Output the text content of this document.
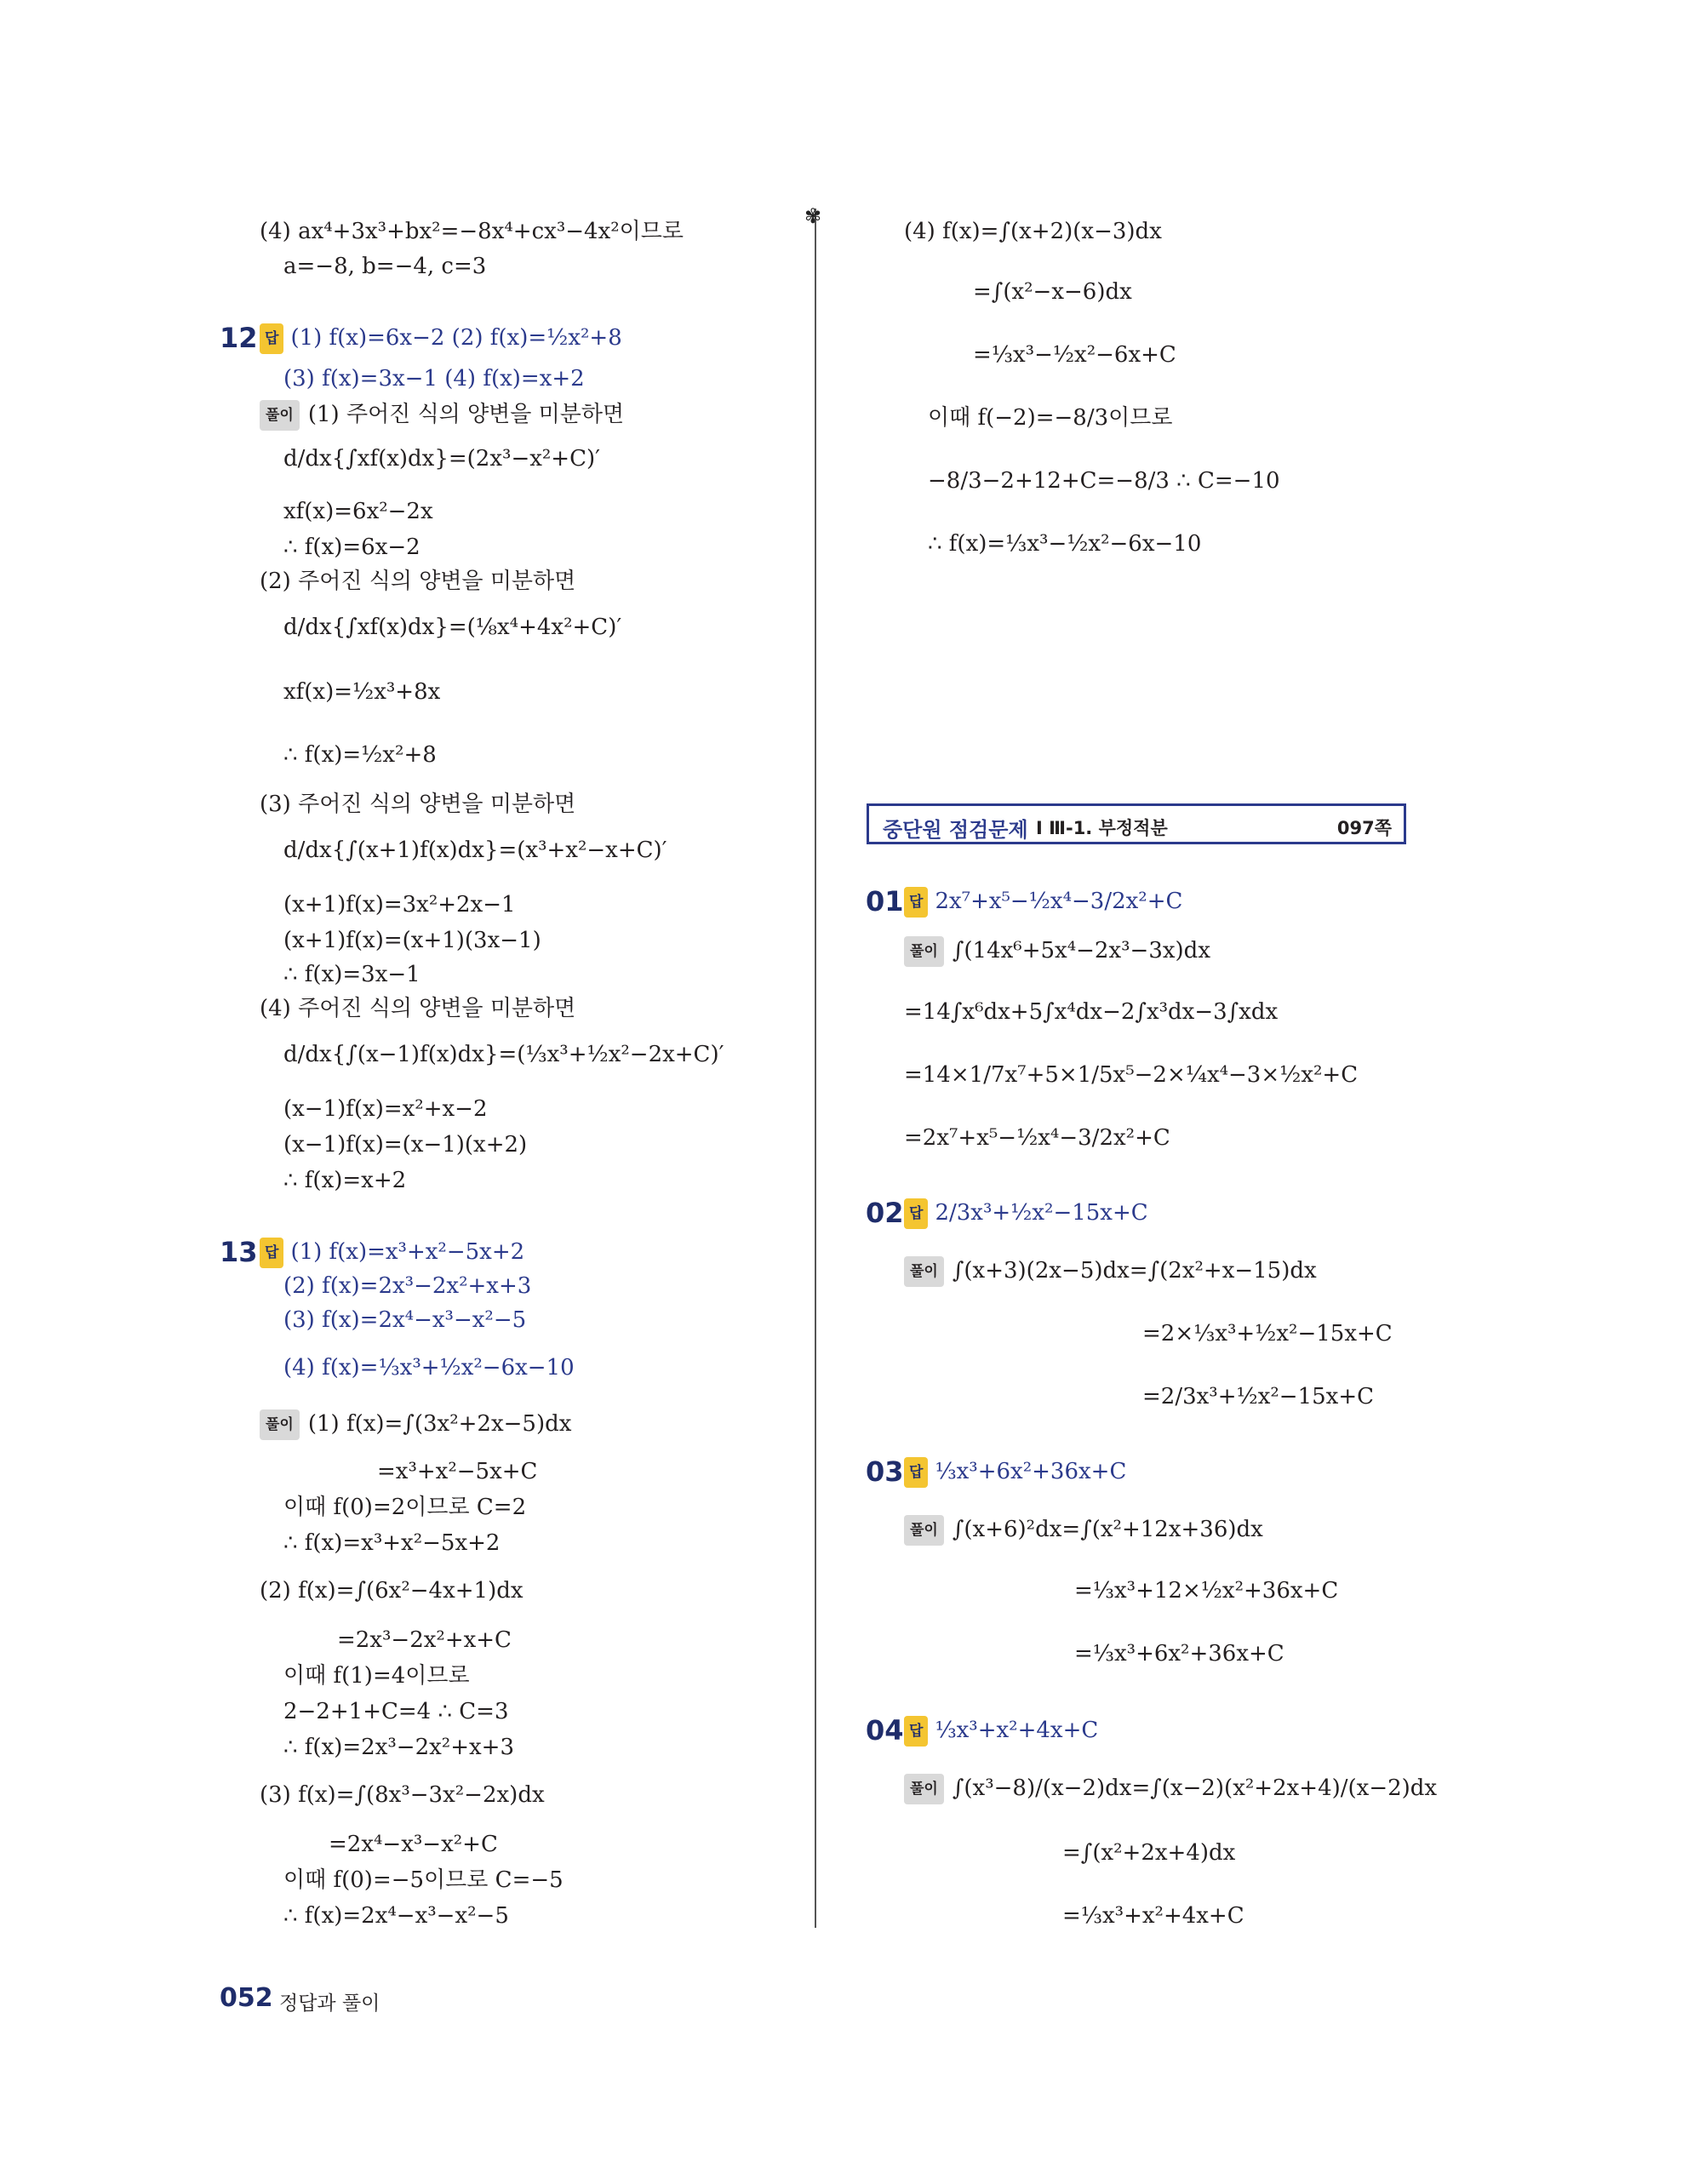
✾
(4) ax⁴+3x³+bx²=−8x⁴+cx³−4x²이므로
a=−8, b=−4, c=3
12 답 (1) f(x)=6x−2 (2) f(x)=½x²+8
(3) f(x)=3x−1 (4) f(x)=x+2
풀이 (1) 주어진 식의 양변을 미분하면
d/dx{∫xf(x)dx}=(2x³−x²+C)′
xf(x)=6x²−2x
∴ f(x)=6x−2
(2) 주어진 식의 양변을 미분하면
d/dx{∫xf(x)dx}=(⅛x⁴+4x²+C)′
xf(x)=½x³+8x
∴ f(x)=½x²+8
(3) 주어진 식의 양변을 미분하면
d/dx{∫(x+1)f(x)dx}=(x³+x²−x+C)′
(x+1)f(x)=3x²+2x−1
(x+1)f(x)=(x+1)(3x−1)
∴ f(x)=3x−1
(4) 주어진 식의 양변을 미분하면
d/dx{∫(x−1)f(x)dx}=(⅓x³+½x²−2x+C)′
(x−1)f(x)=x²+x−2
(x−1)f(x)=(x−1)(x+2)
∴ f(x)=x+2
13 답 (1) f(x)=x³+x²−5x+2
(2) f(x)=2x³−2x²+x+3
(3) f(x)=2x⁴−x³−x²−5
(4) f(x)=⅓x³+½x²−6x−10
풀이 (1) f(x)=∫(3x²+2x−5)dx
=x³+x²−5x+C
이때 f(0)=2이므로 C=2
∴ f(x)=x³+x²−5x+2
(2) f(x)=∫(6x²−4x+1)dx
=2x³−2x²+x+C
이때 f(1)=4이므로
2−2+1+C=4 ∴ C=3
∴ f(x)=2x³−2x²+x+3
(3) f(x)=∫(8x³−3x²−2x)dx
=2x⁴−x³−x²+C
이때 f(0)=−5이므로 C=−5
∴ f(x)=2x⁴−x³−x²−5
(4) f(x)=∫(x+2)(x−3)dx
=∫(x²−x−6)dx
=⅓x³−½x²−6x+C
이때 f(−2)=−8/3이므로
−8/3−2+12+C=−8/3 ∴ C=−10
∴ f(x)=⅓x³−½x²−6x−10
중단원 점검문제 I Ⅲ-1. 부정적분	097쪽
01 답 2x⁷+x⁵−½x⁴−3/2x²+C
풀이 ∫(14x⁶+5x⁴−2x³−3x)dx
=14∫x⁶dx+5∫x⁴dx−2∫x³dx−3∫xdx
=14×1/7x⁷+5×1/5x⁵−2×¼x⁴−3×½x²+C
=2x⁷+x⁵−½x⁴−3/2x²+C
02 답 2/3x³+½x²−15x+C
풀이 ∫(x+3)(2x−5)dx=∫(2x²+x−15)dx
=2×⅓x³+½x²−15x+C
=2/3x³+½x²−15x+C
03 답 ⅓x³+6x²+36x+C
풀이 ∫(x+6)²dx=∫(x²+12x+36)dx
=⅓x³+12×½x²+36x+C
=⅓x³+6x²+36x+C
04 답 ⅓x³+x²+4x+C
풀이 ∫(x³−8)/(x−2)dx=∫(x−2)(x²+2x+4)/(x−2)dx
=∫(x²+2x+4)dx
=⅓x³+x²+4x+C
052 정답과 풀이
